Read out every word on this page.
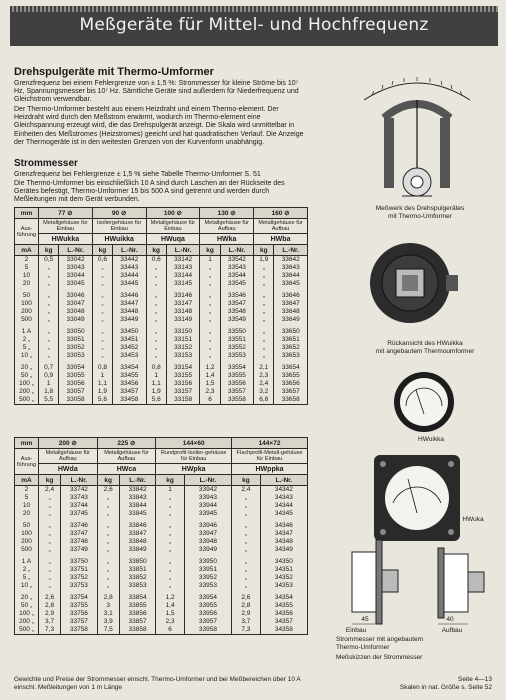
Meßgeräte für Mittel- und Hochfrequenz
Drehspulgeräte mit Thermo-Umformer
Grenzfrequenz bei einem Fehlergrenze von ± 1,5 %: Strommesser für kleine Ströme bis 10⁷ Hz, Spannungsmesser bis 10⁷ Hz. Sämtliche Geräte sind außerdem für Niederfrequenz und Gleichstrom verwendbar.
Der Thermo-Umformer besteht aus einem Heizdraht und einem Thermo-element. Der Heizdraht wird durch den Meßstrom erwärmt, wodurch im Thermo-element eine Gleichspannung erzeugt wird, die das Drehspulgerät anzeigt. Die Skala wird unmittelbar in Einheiten des Meßstromes (Heizstromes) geeicht und hat quadratischen Verlauf. Die Anzeige der Thermogeräte ist in den weitesten Grenzen von der Kurvenform unabhängig.
Strommesser
Grenzfrequenz bei Fehlergrenze ± 1,5 % siehe Tabelle Thermo-Umformer S. 51
Die Thermo-Umformer bis einschließlich 10 A sind durch Laschen an der Rückseite des Gerätes befestigt, Thermo-Umformer 15 bis 500 A sind getrennt und werden durch Meßleitungen mit dem Gerät verbunden.
mm	77 ⊘		90 ⊘		100 ⊘		130 ⊘		160 ⊘	
Aus-
führung	Metallgehäuse für Einbau		Isoliergehäuse für Einbau		Metallgehäuse für Einbau		Metallgehäuse für Aufbau		Metallgehäuse für Aufbau	
	HWukka		HWuikka		HWuqa		HWka		HWba	
mA	kg	L.-Nr.	kg	L.-Nr.	kg	L.-Nr.	kg	L.-Nr.	kg	L.-Nr.
2	0,5	33042	0,6	33442	0,6	33142	1	33542	1,9	33642
5	„	33043	„	33443	„	33143	„	33543	„	33643
10	„	33044	„	33444	„	33144	„	33544	„	33644
20	„	33045	„	33445	„	33145	„	33545	„	33645

50	„	33046	„	33446	„	33146	„	33546	„	33646
100	„	33047	„	33447	„	33147	„	33547	„	33647
200	„	33048	„	33448	„	33148	„	33548	„	33648
500	„	33049	„	33449	„	33149	„	33549	„	33649

1 A	„	33050	„	33450	„	33150	„	33550	„	33650
2 „	„	33051	„	33451	„	33151	„	33551	„	33651
5 „	„	33052	„	33452	„	33152	„	33552	„	33652
10 „	„	33053	„	33453	„	33153	„	33553	„	33653

20 „	0,7	33054	0,8	33454	0,8	33154	1,2	33554	2,1	33654
50 „	0,9	33055	1	33455	1	33155	1,4	33555	2,3	33655
100 „	1	33056	1,1	33456	1,1	33156	1,5	33556	2,4	33656
200 „	1,8	33057	1,9	33457	1,9	33157	2,3	33557	3,2	33657
500 „	5,5	33058	5,6	33458	5,6	33158	6	33558	6,8	33658
mm	200 ⊘		225 ⊘		144×60		144×72	
Aus-
führung	Metallgehäuse für Aufbau		Metallgehäuse für Aufbau		Rundprofil-Isolier-gehäuse für Einbau		Flachprofil-Metall-gehäuse für Einbau	
	HWda		HWca		HWpka		HWppka	
mA	kg	L.-Nr.	kg	L.-Nr.	kg	L.-Nr.	kg	L.-Nr.
2	2,4	33742	2,6	33842	1	33942	2,4	34342
5	„	33743	„	33843	„	33943	„	34343
10	„	33744	„	33844	„	33944	„	34344
20	„	33745	„	33845	„	33945	„	34345

50	„	33746	„	33846	„	33946	„	34346
100	„	33747	„	33847	„	33947	„	34347
200	„	33748	„	33848	„	33948	„	34348
500	„	33749	„	33849	„	33949	„	34349

1 A	„	33750	„	33850	„	33950	„	34350
2 „	„	33751	„	33851	„	33951	„	34351
5 „	„	33752	„	33852	„	33952	„	34352
10 „	„	33753	„	33853	„	33953	„	34353

20 „	2,6	33754	2,8	33854	1,2	33954	2,6	34354
50 „	2,8	33755	3	33855	1,4	33955	2,8	34355
100 „	2,9	33756	3,1	33856	1,5	33956	2,9	34356
200 „	3,7	33757	3,9	33857	2,3	33957	3,7	34357
500 „	7,3	33758	7,5	33858	6	33958	7,3	34358
Meßwerk des Drehspulgerätes
mit Thermo-Umformer
Rückansicht des HWuikka
mit angebautem Thermoumformer
HWuikka
HWuka
45	40
Einbau	Aufbau
Strommesser mit angebautem
Thermo-Umformer
Meßskizzen der Strommesser
Gewichte und Preise der Strommesser einschl. Thermo-Umformer und bei Meßbereichen über 10 A einschl. Meßleitungen von 1 m Länge
Seite 4—13
Skalen in nat. Größe s. Seite 52
